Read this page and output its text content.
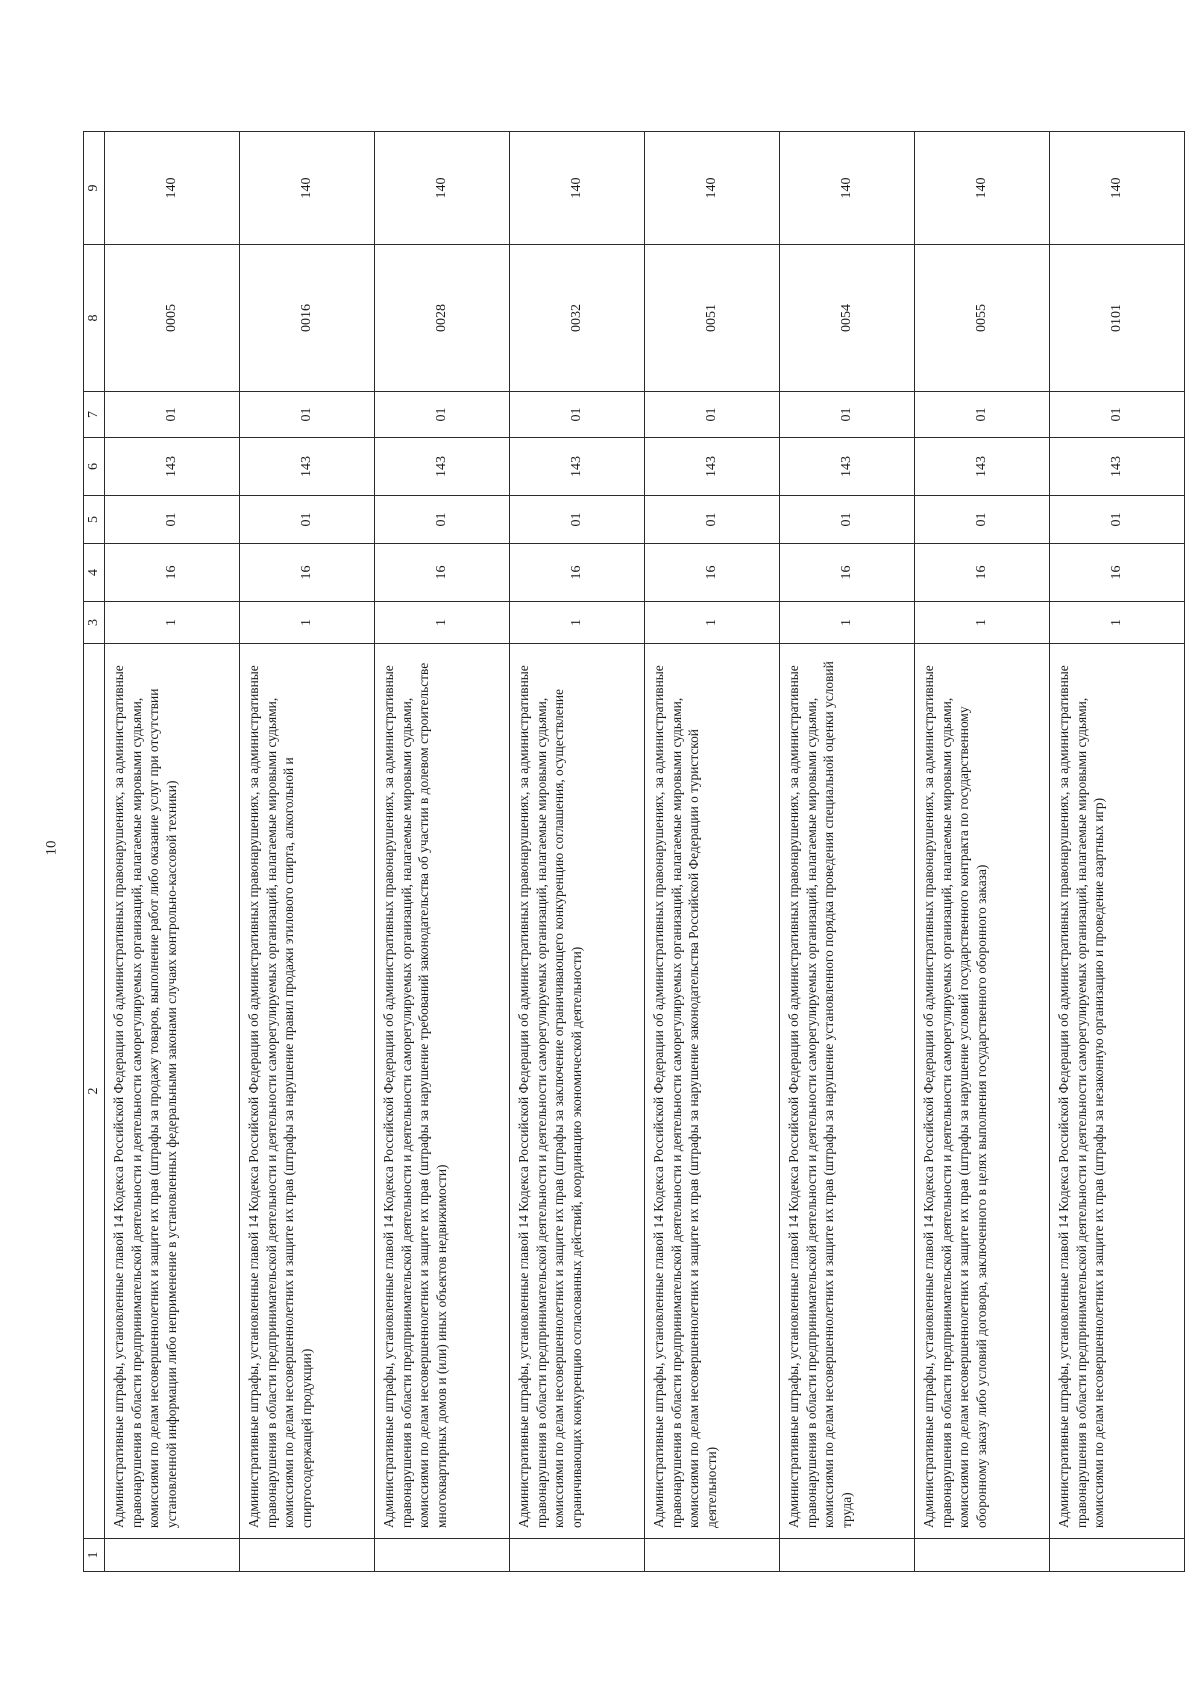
10
1	2	3	4	5	6	7	8	9
	Административные штрафы, установленные главой 14 Кодекса Российской Федерации об административных правонарушениях, за административные правонарушения в области предпринимательской деятельности и деятельности саморегулируемых организаций, налагаемые мировыми судьями, комиссиями по делам несовершеннолетних и защите их прав (штрафы за продажу товаров, выполнение работ либо оказание услуг при отсутствии установленной информации либо неприменение в установленных федеральными законами случаях контрольно-кассовой техники)	1	16	01	143	01	0005	140
	Административные штрафы, установленные главой 14 Кодекса Российской Федерации об административных правонарушениях, за административные правонарушения в области предпринимательской деятельности и деятельности саморегулируемых организаций, налагаемые мировыми судьями, комиссиями по делам несовершеннолетних и защите их прав (штрафы за нарушение правил продажи этилового спирта, алкогольной и спиртосодержащей продукции)	1	16	01	143	01	0016	140
	Административные штрафы, установленные главой 14 Кодекса Российской Федерации об административных правонарушениях, за административные правонарушения в области предпринимательской деятельности и деятельности саморегулируемых организаций, налагаемые мировыми судьями, комиссиями по делам несовершеннолетних и защите их прав (штрафы за нарушение требований законодательства об участии в долевом строительстве многоквартирных домов и (или) иных объектов недвижимости)	1	16	01	143	01	0028	140
	Административные штрафы, установленные главой 14 Кодекса Российской Федерации об административных правонарушениях, за административные правонарушения в области предпринимательской деятельности и деятельности саморегулируемых организаций, налагаемые мировыми судьями, комиссиями по делам несовершеннолетних и защите их прав (штрафы за заключение ограничивающего конкуренцию соглашения, осуществление ограничивающих конкуренцию согласованных действий, координацию экономической деятельности)	1	16	01	143	01	0032	140
	Административные штрафы, установленные главой 14 Кодекса Российской Федерации об административных правонарушениях, за административные правонарушения в области предпринимательской деятельности и деятельности саморегулируемых организаций, налагаемые мировыми судьями, комиссиями по делам несовершеннолетних и защите их прав (штрафы за нарушение законодательства Российской Федерации о туристской деятельности)	1	16	01	143	01	0051	140
	Административные штрафы, установленные главой 14 Кодекса Российской Федерации об административных правонарушениях, за административные правонарушения в области предпринимательской деятельности и деятельности саморегулируемых организаций, налагаемые мировыми судьями, комиссиями по делам несовершеннолетних и защите их прав (штрафы за нарушение установленного порядка проведения специальной оценки условий труда)	1	16	01	143	01	0054	140
	Административные штрафы, установленные главой 14 Кодекса Российской Федерации об административных правонарушениях, за административные правонарушения в области предпринимательской деятельности и деятельности саморегулируемых организаций, налагаемые мировыми судьями, комиссиями по делам несовершеннолетних и защите их прав (штрафы за нарушение условий государственного контракта по государственному оборонному заказу либо условий договора, заключенного в целях выполнения государственного оборонного заказа)	1	16	01	143	01	0055	140
	Административные штрафы, установленные главой 14 Кодекса Российской Федерации об административных правонарушениях, за административные правонарушения в области предпринимательской деятельности и деятельности саморегулируемых организаций, налагаемые мировыми судьями, комиссиями по делам несовершеннолетних и защите их прав (штрафы за незаконную организацию и проведение азартных игр)	1	16	01	143	01	0101	140
